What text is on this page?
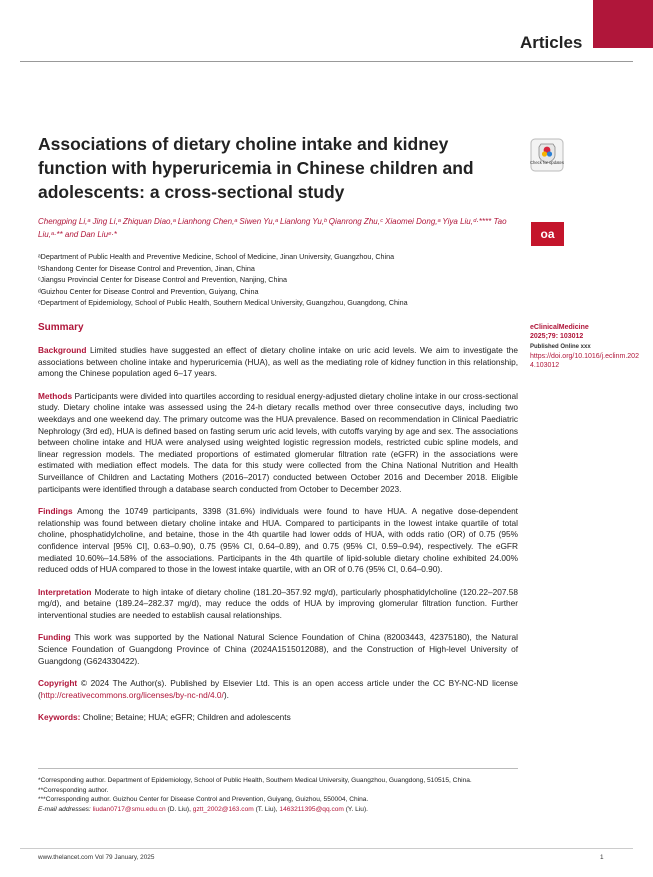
Articles
Associations of dietary choline intake and kidney function with hyperuricemia in Chinese children and adolescents: a cross-sectional study
Check for updates
oa
Chengping Li,ᵃ Jing Li,ᵃ Zhiquan Diao,ᵃ Lianhong Chen,ᵃ Siwen Yu,ᵃ Lianlong Yu,ᵇ Qianrong Zhu,ᶜ Xiaomei Dong,ᵃ Yiya Liu,ᵈ·**** Tao Liu,ᵃ·** and Dan Liuᵉ·*
ᵃDepartment of Public Health and Preventive Medicine, School of Medicine, Jinan University, Guangzhou, China
ᵇShandong Center for Disease Control and Prevention, Jinan, China
ᶜJiangsu Provincial Center for Disease Control and Prevention, Nanjing, China
ᵈGuizhou Center for Disease Control and Prevention, Guiyang, China
ᵉDepartment of Epidemiology, School of Public Health, Southern Medical University, Guangzhou, Guangdong, China
eClinicalMedicine
2025;79: 103012
Published Online xxx
https://doi.org/10.1016/j.eclinm.2024.103012

Summary

Background Limited studies have suggested an effect of dietary choline intake on uric acid levels. We aim to investigate the associations between choline intake and hyperuricemia (HUA), as well as the mediating role of kidney function in this relationship, among the Chinese population aged 6–17 years.

Methods Participants were divided into quartiles according to residual energy-adjusted dietary choline intake in our cross-sectional study. Dietary choline intake was assessed using the 24-h dietary recalls method over three consecutive days, including two weekdays and one weekend day. The primary outcome was the HUA prevalence. Based on recommendation in Clinical Paediatric Nephrology (3rd ed), HUA is defined based on fasting serum uric acid levels, with cutoffs varying by age and sex. The associations between choline intake and HUA were analysed using weighted logistic regression models, restricted cubic spline models, and linear regression models. The mediated proportions of estimated glomerular filtration rate (eGFR) in the associations were estimated with mediation effect models. The data for this study were collected from the China National Nutrition and Health Surveillance of Children and Lactating Mothers (2016–2017) conducted between October 2016 and December 2018. Eligible participants were identified through a database search conducted from October to December 2023.

Findings Among the 10749 participants, 3398 (31.6%) individuals were found to have HUA. A negative dose-dependent relationship was found between dietary choline intake and HUA. Compared to participants in the lowest intake quartile of total choline, phosphatidylcholine, and betaine, those in the 4th quartile had lower odds of HUA, with odds ratio (OR) of 0.75 (95% confidence interval [95% CI], 0.63–0.90), 0.75 (95% CI, 0.64–0.89), and 0.75 (95% CI, 0.59–0.94), respectively. The eGFR mediated 10.60%–14.58% of the associations. Participants in the 4th quartile of lipid-soluble dietary choline exhibited 24.00% reduced odds of HUA compared to those in the lowest intake quartile, with an OR of 0.76 (95% CI, 0.64–0.90).

Interpretation Moderate to high intake of dietary choline (181.20–357.92 mg/d), particularly phosphatidylcholine (120.22–207.58 mg/d), and betaine (189.24–282.37 mg/d), may reduce the odds of HUA by improving glomerular filtration function. Further interventional studies are needed to establish causal relationships.

Funding This work was supported by the National Natural Science Foundation of China (82003443, 42375180), the Natural Science Foundation of Guangdong Province of China (2024A1515012088), and the Construction of High-level University of Guangdong (G624330422).

Copyright © 2024 The Author(s). Published by Elsevier Ltd. This is an open access article under the CC BY-NC-ND license (http://creativecommons.org/licenses/by-nc-nd/4.0/).

Keywords: Choline; Betaine; HUA; eGFR; Children and adolescents

*Corresponding author. Department of Epidemiology, School of Public Health, Southern Medical University, Guangzhou, Guangdong, 510515, China.
**Corresponding author.
***Corresponding author. Guizhou Center for Disease Control and Prevention, Guiyang, Guizhou, 550004, China.
E-mail addresses: liudan0717@smu.edu.cn (D. Liu), gztt_2002@163.com (T. Liu), 1463211395@qq.com (Y. Liu).
www.thelancet.com Vol 79 January, 2025	1
